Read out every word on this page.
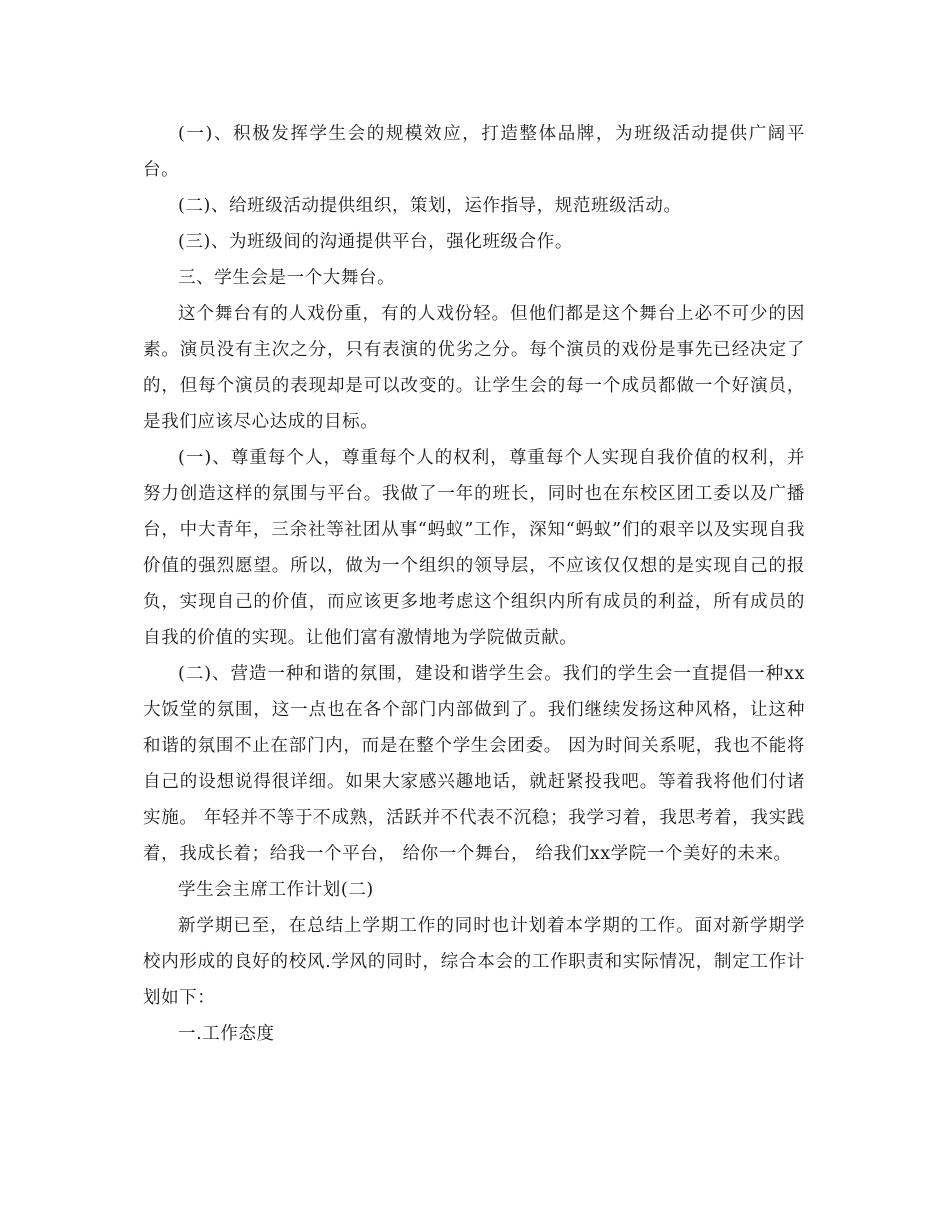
(一)、积极发挥学生会的规模效应，打造整体品牌，为班级活动提供广阔平台。

(二)、给班级活动提供组织，策划，运作指导，规范班级活动。

(三)、为班级间的沟通提供平台，强化班级合作。

三、学生会是一个大舞台。

这个舞台有的人戏份重，有的人戏份轻。但他们都是这个舞台上必不可少的因素。演员没有主次之分，只有表演的优劣之分。每个演员的戏份是事先已经决定了的，但每个演员的表现却是可以改变的。让学生会的每一个成员都做一个好演员，是我们应该尽心达成的目标。

(一)、尊重每个人，尊重每个人的权利，尊重每个人实现自我价值的权利，并努力创造这样的氛围与平台。我做了一年的班长，同时也在东校区团工委以及广播台，中大青年，三余社等社团从事“蚂蚁”工作，深知“蚂蚁”们的艰辛以及实现自我价值的强烈愿望。所以，做为一个组织的领导层，不应该仅仅想的是实现自己的报负，实现自己的价值，而应该更多地考虑这个组织内所有成员的利益，所有成员的自我的价值的实现。让他们富有激情地为学院做贡献。

(二)、营造一种和谐的氛围，建设和谐学生会。我们的学生会一直提倡一种xx大饭堂的氛围，这一点也在各个部门内部做到了。我们继续发扬这种风格，让这种和谐的氛围不止在部门内，而是在整个学生会团委。 因为时间关系呢，我也不能将自己的设想说得很详细。如果大家感兴趣地话，就赶紧投我吧。等着我将他们付诸实施。 年轻并不等于不成熟，活跃并不代表不沉稳；我学习着，我思考着，我实践着，我成长着；给我一个平台， 给你一个舞台， 给我们xx学院一个美好的未来。

学生会主席工作计划(二)

新学期已至，在总结上学期工作的同时也计划着本学期的工作。面对新学期学校内形成的良好的校风.学风的同时，综合本会的工作职责和实际情况，制定工作计划如下：

一.工作态度
